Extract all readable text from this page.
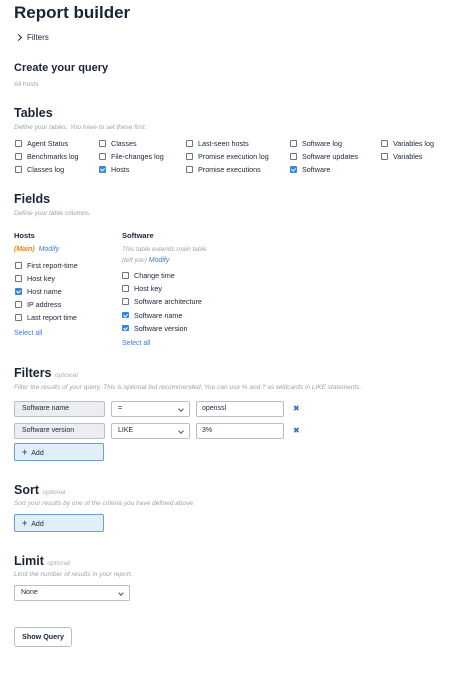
Report builder
Filters
Create your query
All hosts
Tables
Define your tables. You have to set these first.
Agent Status
Benchmarks log
Classes log
Classes
File-changes log
Hosts
Last-seen hosts
Promise execution log
Promise executions
Software log
Software updates
Software
Variables log
Variables
Fields
Define your table columns.
Hosts
(Main) Modify
First report-time
Host key
Host name
IP address
Last report time
Select all
Software
This table extends main table
(left join) Modify
Change time
Host key
Software architecture
Software name
Software version
Select all
Filters optional
Filter the results of your query. This is optional but recommended. You can use % and ? as wildcards in LIKE statements.
Software name	=	openssl	✖
Software version	LIKE	3%	✖
+ Add
Sort optional
Sort your results by one of the criteria you have defined above.
+ Add
Limit optional
Limit the number of results in your report.
None
Show Query
